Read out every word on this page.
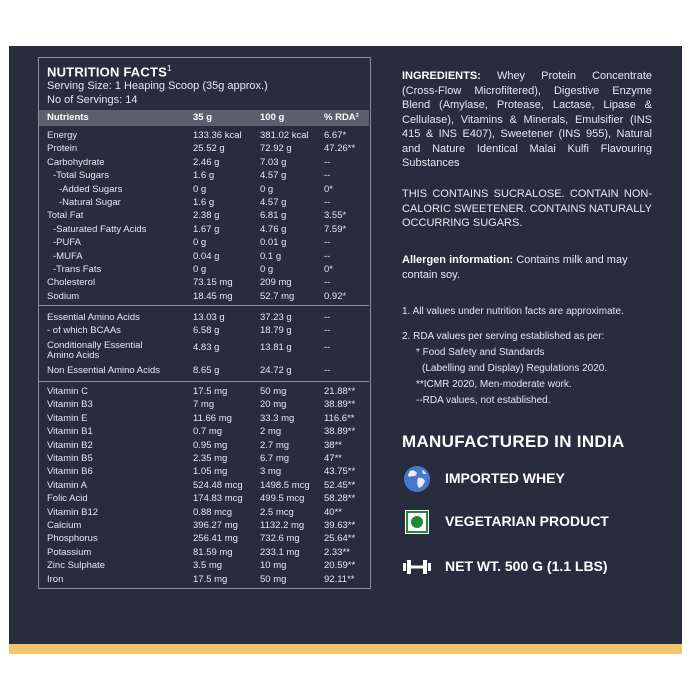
NUTRITION FACTS$^1$
Serving Size: 1 Heaping Scoop (35g approx.)
No of Servings: 14
Nutrients	35 g	100 g	% RDA²
Energy	133.36 kcal 381.02 kcal 6.67*
Protein	25.52 g	72.92 g	47.26**
Carbohydrate	2.46 g	7.03 g	--
-Total Sugars	1.6 g	4.57 g	--
-Added Sugars	0 g	0 g	0*
-Natural Sugar	1.6 g	4.57 g	--
Total Fat	2.38 g	6.81 g	3.55*
-Saturated Fatty Acids	1.67 g	4.76 g	7.59*
-PUFA	0 g	0.01 g	--
-MUFA	0.04 g	0.1 g	--
-Trans Fats	0 g	0 g	0*
Cholesterol	73.15 mg	209 mg	--
Sodium	18.45 mg	52.7 mg	0.92*
Essential Amino Acids	13.03 g	37.23 g	--
- of which BCAAs	6.58 g	18.79 g	--
Conditionally Essential
Amino Acids
4.83 g	13.81 g	--
Non Essential Amino Acids	8.65 g	24.72 g	--
Vitamin C	17.5 mg	50 mg	21.88**
Vitamin B3	7 mg	20 mg	38.89**
Vitamin E	11.66 mg	33.3 mg	116.6**
Vitamin B1	0.7 mg	2 mg	38.89**
Vitamin B2	0.95 mg	2.7 mg	38**
Vitamin B5	2.35 mg	6.7 mg	47**
Vitamin B6	1.05 mg	3 mg	43.75**
Vitamin A	524.48 mcg 1498.5 mcg 52.45**
Folic Acid	174.83 mcg 499.5 mcg 58.28**
Vitamin B12	0.88 mcg	2.5 mcg	40**
Calcium	396.27 mg 1132.2 mg 39.63**
Phosphorus	256.41 mg 732.6 mg	25.64**
Potassium	81.59 mg	233.1 mg	2.33**
Zinc Sulphate	3.5 mg	10 mg	20.59**
Iron	17.5 mg	50 mg	92.11**
INGREDIENTS: Whey Protein Concentrate (Cross-Flow Microfiltered), Digestive Enzyme Blend (Amylase, Protease, Lactase, Lipase & Cellulase), Vitamins & Minerals, Emulsifier (INS 415 & INS E407), Sweetener (INS 955), Natural and Nature Identical Malai Kulfi Flavouring Substances
THIS CONTAINS SUCRALOSE. CONTAIN NON-CALORIC SWEETENER. CONTAINS NATURALLY OCCURRING SUGARS.
Allergen information: Contains milk and may contain soy.
1. All values under nutrition facts are approximate.
2. RDA values per serving established as per:
* Food Safety and Standards
(Labelling and Display) Regulations 2020.
**ICMR 2020, Men-moderate work.
--RDA values, not established.
MANUFACTURED IN INDIA
IMPORTED WHEY
VEGETARIAN PRODUCT
NET WT. 500 G (1.1 LBS)
